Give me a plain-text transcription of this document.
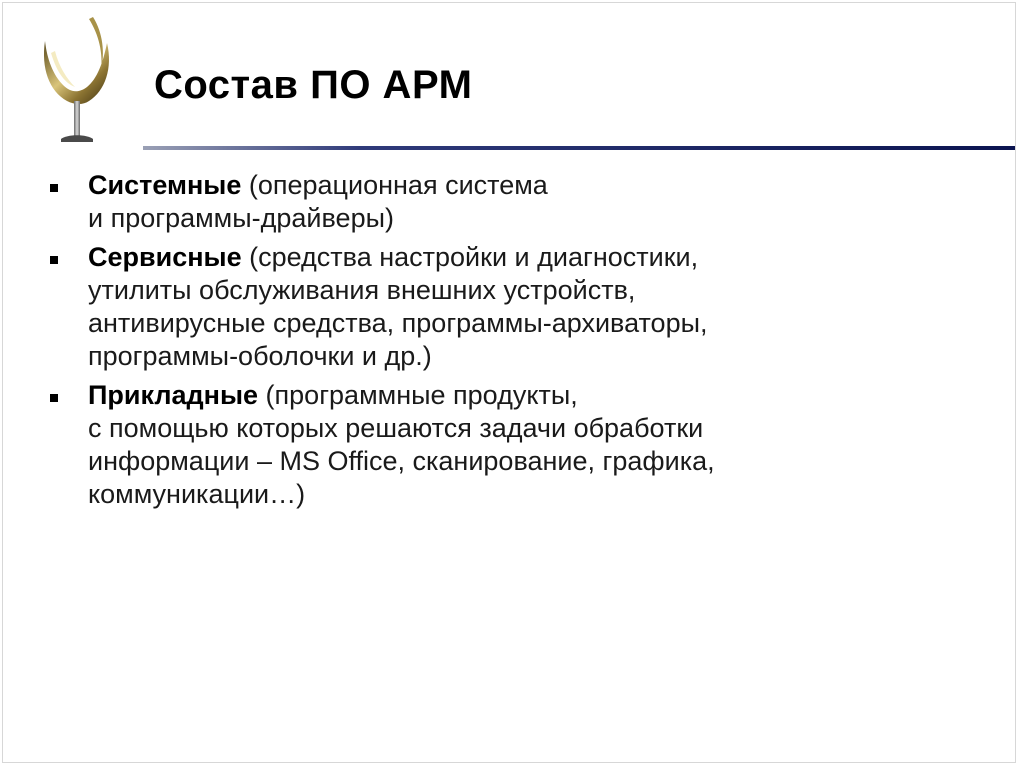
Состав ПО АРМ
Системные (операционная система
и программы-драйверы)
Сервисные (средства настройки и диагностики,
утилиты обслуживания внешних устройств,
антивирусные средства, программы-архиваторы,
программы-оболочки и др.)
Прикладные (программные продукты,
с помощью которых решаются задачи обработки
информации – MS Office, сканирование, графика,
коммуникации…)
